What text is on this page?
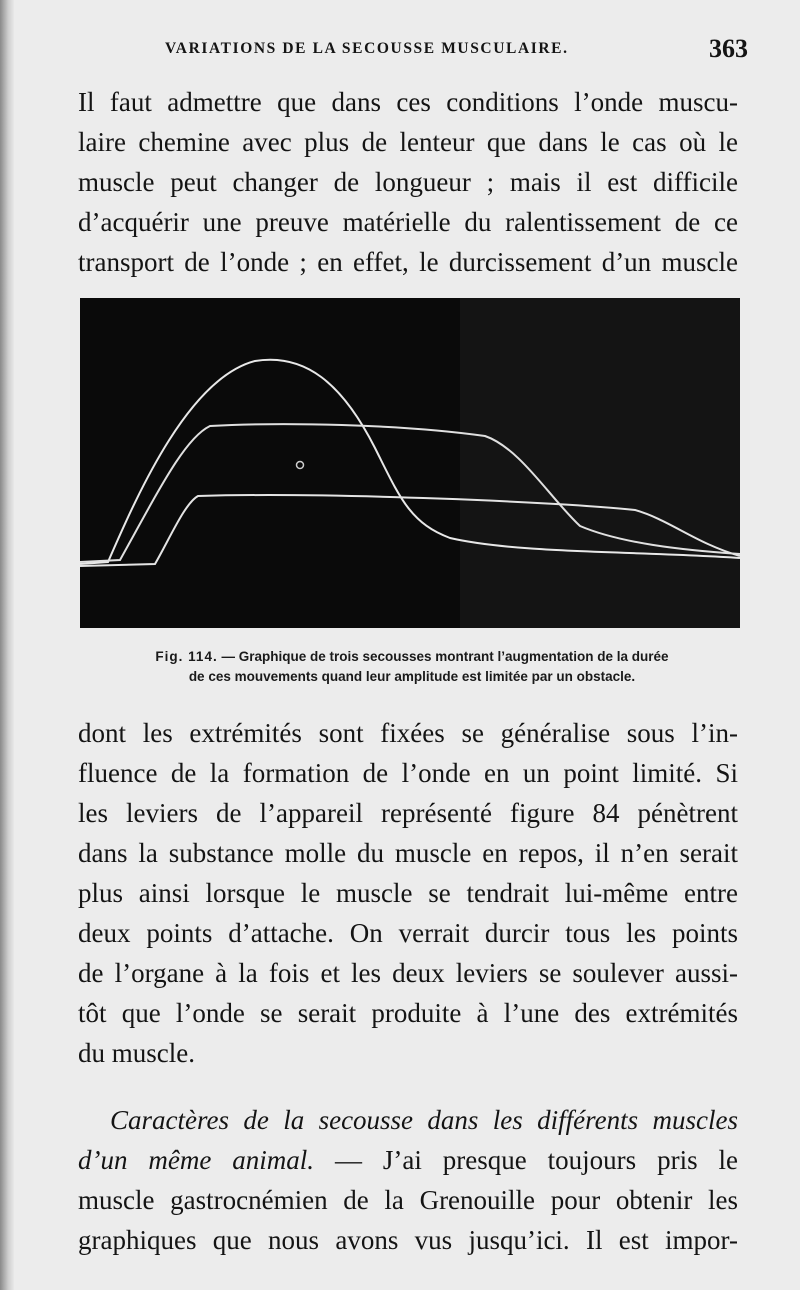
VARIATIONS DE LA SECOUSSE MUSCULAIRE.	363

Il faut admettre que dans ces conditions l’onde muscu-
laire chemine avec plus de lenteur que dans le cas où le
muscle peut changer de longueur ; mais il est difficile
d’acquérir une preuve matérielle du ralentissement de ce
transport de l’onde ; en effet, le durcissement d’un muscle

Fig. 114. — Graphique de trois secousses montrant l’augmentation de la durée
de ces mouvements quand leur amplitude est limitée par un obstacle.

dont les extrémités sont fixées se généralise sous l’in-
fluence de la formation de l’onde en un point limité. Si
les leviers de l’appareil représenté figure 84 pénètrent
dans la substance molle du muscle en repos, il n’en serait
plus ainsi lorsque le muscle se tendrait lui-même entre
deux points d’attache. On verrait durcir tous les points
de l’organe à la fois et les deux leviers se soulever aussi-
tôt que l’onde se serait produite à l’une des extrémités
du muscle.

Caractères de la secousse dans les différents muscles
d’un même animal. — J’ai presque toujours pris le
muscle gastrocnémien de la Grenouille pour obtenir les
graphiques que nous avons vus jusqu’ici. Il est impor-
